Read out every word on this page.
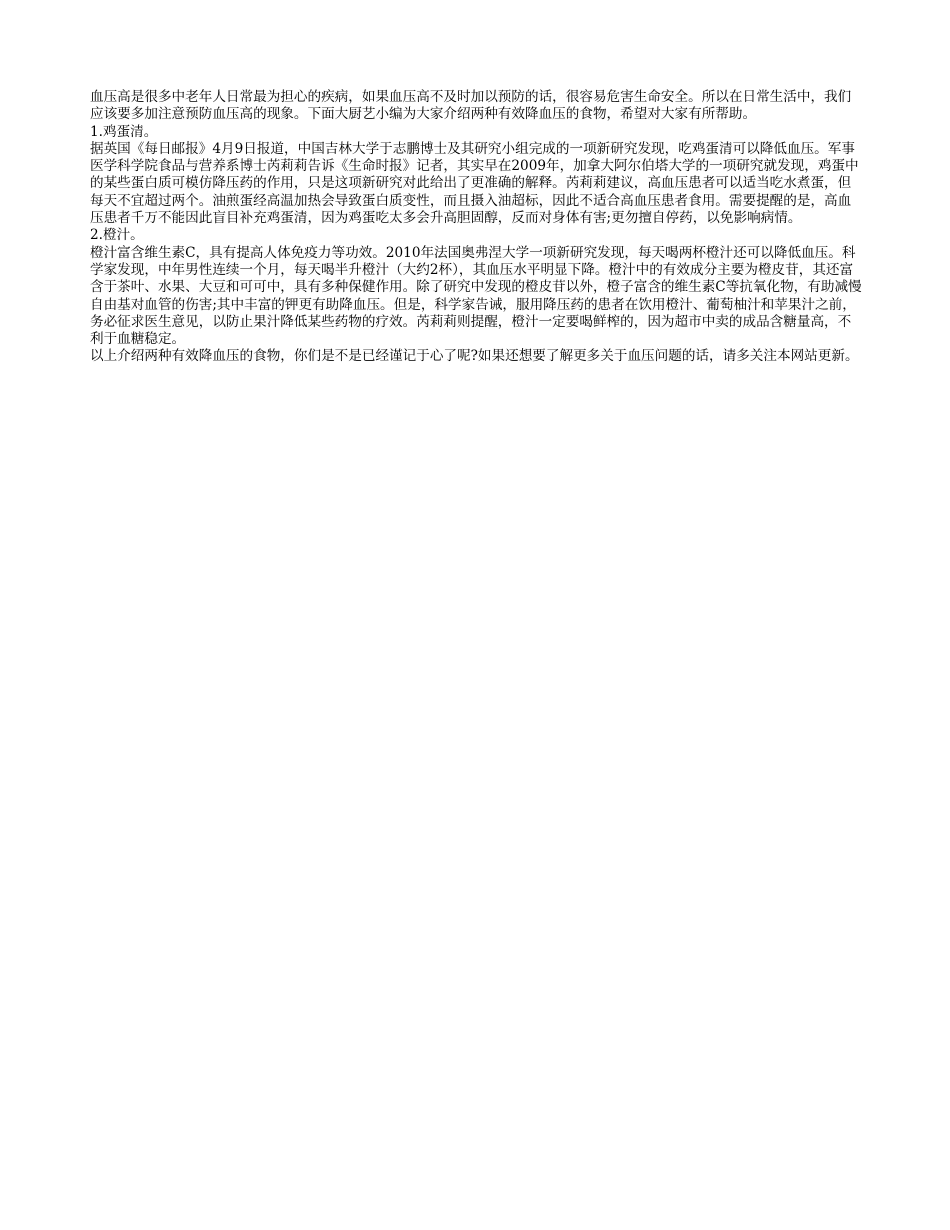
血压高是很多中老年人日常最为担心的疾病，如果血压高不及时加以预防的话，很容易危害生命安全。所以在日常生活中，我们应该要多加注意预防血压高的现象。下面大厨艺小编为大家介绍两种有效降血压的食物，希望对大家有所帮助。

1.鸡蛋清。

据英国《每日邮报》4月9日报道，中国吉林大学于志鹏博士及其研究小组完成的一项新研究发现，吃鸡蛋清可以降低血压。军事医学科学院食品与营养系博士芮莉莉告诉《生命时报》记者，其实早在2009年，加拿大阿尔伯塔大学的一项研究就发现，鸡蛋中的某些蛋白质可模仿降压药的作用，只是这项新研究对此给出了更准确的解释。芮莉莉建议，高血压患者可以适当吃水煮蛋，但每天不宜超过两个。油煎蛋经高温加热会导致蛋白质变性，而且摄入油超标，因此不适合高血压患者食用。需要提醒的是，高血压患者千万不能因此盲目补充鸡蛋清，因为鸡蛋吃太多会升高胆固醇，反而对身体有害;更勿擅自停药，以免影响病情。

2.橙汁。

橙汁富含维生素C，具有提高人体免疫力等功效。2010年法国奥弗涅大学一项新研究发现，每天喝两杯橙汁还可以降低血压。科学家发现，中年男性连续一个月，每天喝半升橙汁（大约2杯），其血压水平明显下降。橙汁中的有效成分主要为橙皮苷，其还富含于茶叶、水果、大豆和可可中，具有多种保健作用。除了研究中发现的橙皮苷以外，橙子富含的维生素C等抗氧化物，有助减慢自由基对血管的伤害;其中丰富的钾更有助降血压。但是，科学家告诫，服用降压药的患者在饮用橙汁、葡萄柚汁和苹果汁之前，务必征求医生意见，以防止果汁降低某些药物的疗效。芮莉莉则提醒，橙汁一定要喝鲜榨的，因为超市中卖的成品含糖量高，不利于血糖稳定。

以上介绍两种有效降血压的食物，你们是不是已经谨记于心了呢?如果还想要了解更多关于血压问题的话，请多关注本网站更新。
